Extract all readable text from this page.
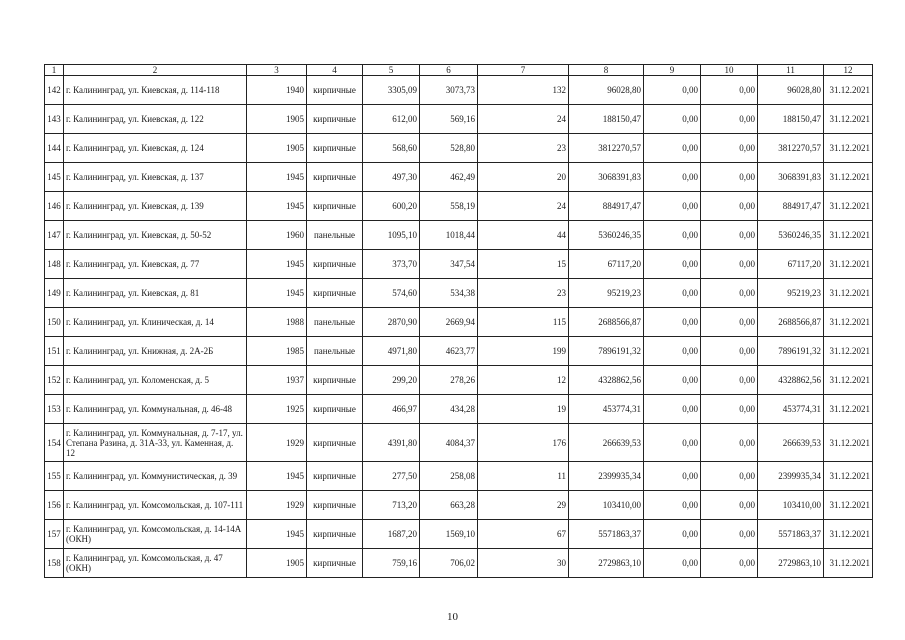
1	2	3	4	5	6	7	8	9	10	11	12
142	г. Калининград, ул. Киевская, д. 114-118	1940	кирпичные	3305,09	3073,73	132	96028,80	0,00	0,00	96028,80	31.12.2021
143	г. Калининград, ул. Киевская, д. 122	1905	кирпичные	612,00	569,16	24	188150,47	0,00	0,00	188150,47	31.12.2021
144	г. Калининград, ул. Киевская, д. 124	1905	кирпичные	568,60	528,80	23	3812270,57	0,00	0,00	3812270,57	31.12.2021
145	г. Калининград, ул. Киевская, д. 137	1945	кирпичные	497,30	462,49	20	3068391,83	0,00	0,00	3068391,83	31.12.2021
146	г. Калининград, ул. Киевская, д. 139	1945	кирпичные	600,20	558,19	24	884917,47	0,00	0,00	884917,47	31.12.2021
147	г. Калининград, ул. Киевская, д. 50-52	1960	панельные	1095,10	1018,44	44	5360246,35	0,00	0,00	5360246,35	31.12.2021
148	г. Калининград, ул. Киевская, д. 77	1945	кирпичные	373,70	347,54	15	67117,20	0,00	0,00	67117,20	31.12.2021
149	г. Калининград, ул. Киевская, д. 81	1945	кирпичные	574,60	534,38	23	95219,23	0,00	0,00	95219,23	31.12.2021
150	г. Калининград, ул. Клиническая, д. 14	1988	панельные	2870,90	2669,94	115	2688566,87	0,00	0,00	2688566,87	31.12.2021
151	г. Калининград, ул. Книжная, д. 2А-2Б	1985	панельные	4971,80	4623,77	199	7896191,32	0,00	0,00	7896191,32	31.12.2021
152	г. Калининград, ул. Коломенская, д. 5	1937	кирпичные	299,20	278,26	12	4328862,56	0,00	0,00	4328862,56	31.12.2021
153	г. Калининград, ул. Коммунальная, д. 46-48	1925	кирпичные	466,97	434,28	19	453774,31	0,00	0,00	453774,31	31.12.2021
154	г. Калининград, ул. Коммунальная, д. 7-17, ул. Степана Разина, д. 31А-33, ул. Каменная, д. 12	1929	кирпичные	4391,80	4084,37	176	266639,53	0,00	0,00	266639,53	31.12.2021
155	г. Калининград, ул. Коммунистическая, д. 39	1945	кирпичные	277,50	258,08	11	2399935,34	0,00	0,00	2399935,34	31.12.2021
156	г. Калининград, ул. Комсомольская, д. 107-111	1929	кирпичные	713,20	663,28	29	103410,00	0,00	0,00	103410,00	31.12.2021
157	г. Калининград, ул. Комсомольская, д. 14-14А (ОКН)	1945	кирпичные	1687,20	1569,10	67	5571863,37	0,00	0,00	5571863,37	31.12.2021
158	г. Калининград, ул. Комсомольская, д. 47 (ОКН)	1905	кирпичные	759,16	706,02	30	2729863,10	0,00	0,00	2729863,10	31.12.2021
10
